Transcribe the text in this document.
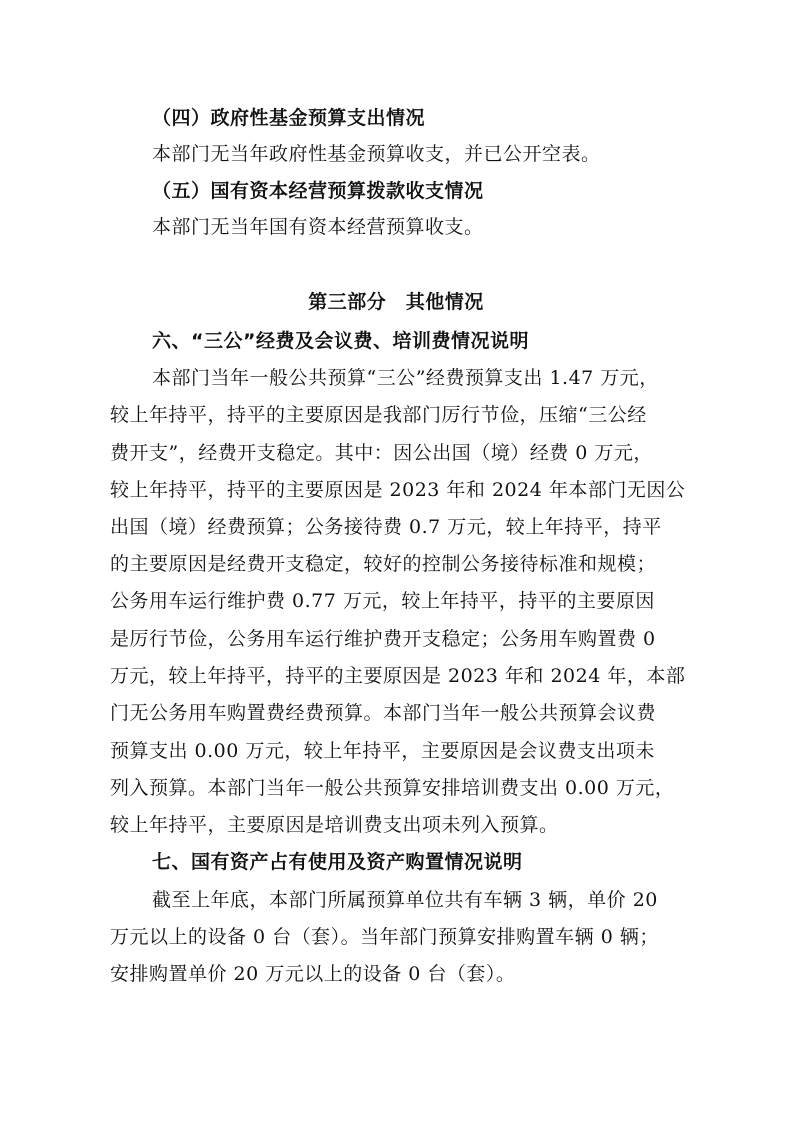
（四）政府性基金预算支出情况
本部门无当年政府性基金预算收支，并已公开空表。
（五）国有资本经营预算拨款收支情况
本部门无当年国有资本经营预算收支。
第三部分　其他情况
六、“三公”经费及会议费、培训费情况说明
本部门当年一般公共预算“三公”经费预算支出 1.47 万元，
较上年持平，持平的主要原因是我部门厉行节俭，压缩“三公经
费开支”，经费开支稳定。其中：因公出国（境）经费 0 万元，
较上年持平，持平的主要原因是 2023 年和 2024 年本部门无因公
出国（境）经费预算；公务接待费 0.7 万元，较上年持平，持平
的主要原因是经费开支稳定，较好的控制公务接待标准和规模；
公务用车运行维护费 0.77 万元，较上年持平，持平的主要原因
是厉行节俭，公务用车运行维护费开支稳定；公务用车购置费 0
万元，较上年持平，持平的主要原因是 2023 年和 2024 年，本部
门无公务用车购置费经费预算。本部门当年一般公共预算会议费
预算支出 0.00 万元，较上年持平，主要原因是会议费支出项未
列入预算。本部门当年一般公共预算安排培训费支出 0.00 万元，
较上年持平，主要原因是培训费支出项未列入预算。
七、国有资产占有使用及资产购置情况说明
截至上年底，本部门所属预算单位共有车辆 3 辆，单价 20
万元以上的设备 0 台（套）。当年部门预算安排购置车辆 0 辆；
安排购置单价 20 万元以上的设备 0 台（套）。
